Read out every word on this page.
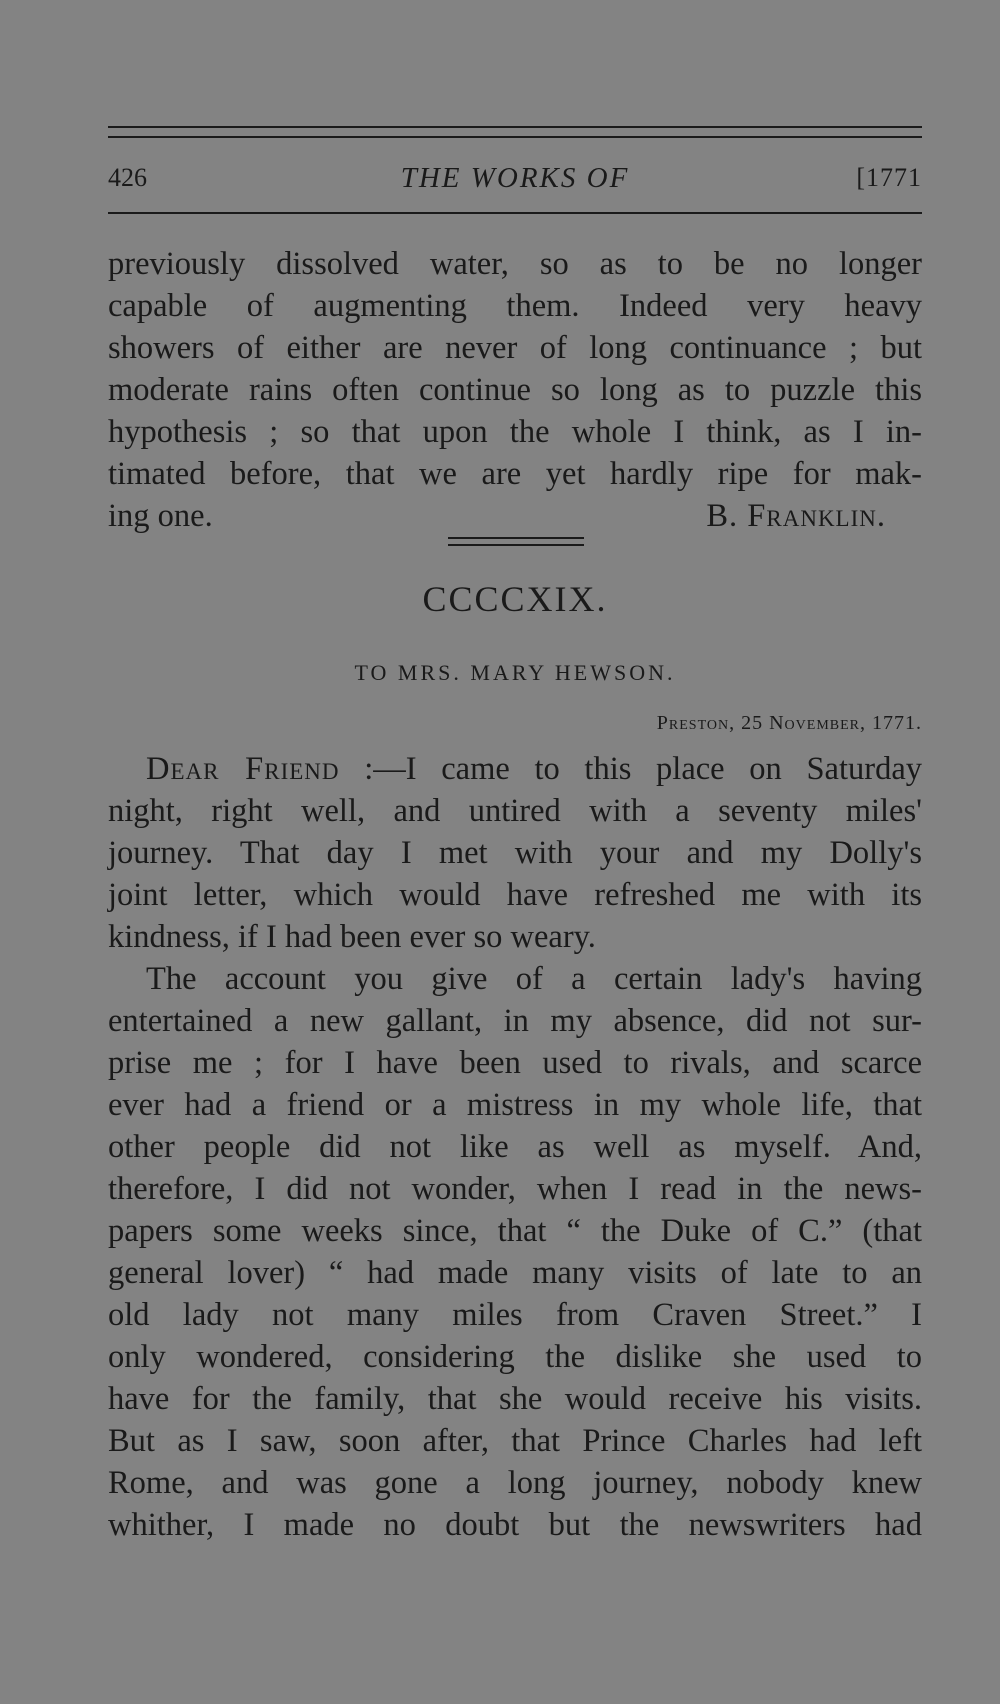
426	THE WORKS OF	[1771
previously dissolved water, so as to be no longer
capable of augmenting them. Indeed very heavy
showers of either are never of long continuance ; but
moderate rains often continue so long as to puzzle this
hypothesis ; so that upon the whole I think, as I in-
timated before, that we are yet hardly ripe for mak-
ing one.	B. Franklin.
CCCCXIX.
TO MRS. MARY HEWSON.
Preston, 25 November, 1771.
Dear Friend :—I came to this place on Saturday
night, right well, and untired with a seventy miles'
journey. That day I met with your and my Dolly's
joint letter, which would have refreshed me with its
kindness, if I had been ever so weary.
The account you give of a certain lady's having
entertained a new gallant, in my absence, did not sur-
prise me ; for I have been used to rivals, and scarce
ever had a friend or a mistress in my whole life, that
other people did not like as well as myself. And,
therefore, I did not wonder, when I read in the news-
papers some weeks since, that “ the Duke of C.” (that
general lover) “ had made many visits of late to an
old lady not many miles from Craven Street.” I
only wondered, considering the dislike she used to
have for the family, that she would receive his visits.
But as I saw, soon after, that Prince Charles had left
Rome, and was gone a long journey, nobody knew
whither, I made no doubt but the newswriters had
